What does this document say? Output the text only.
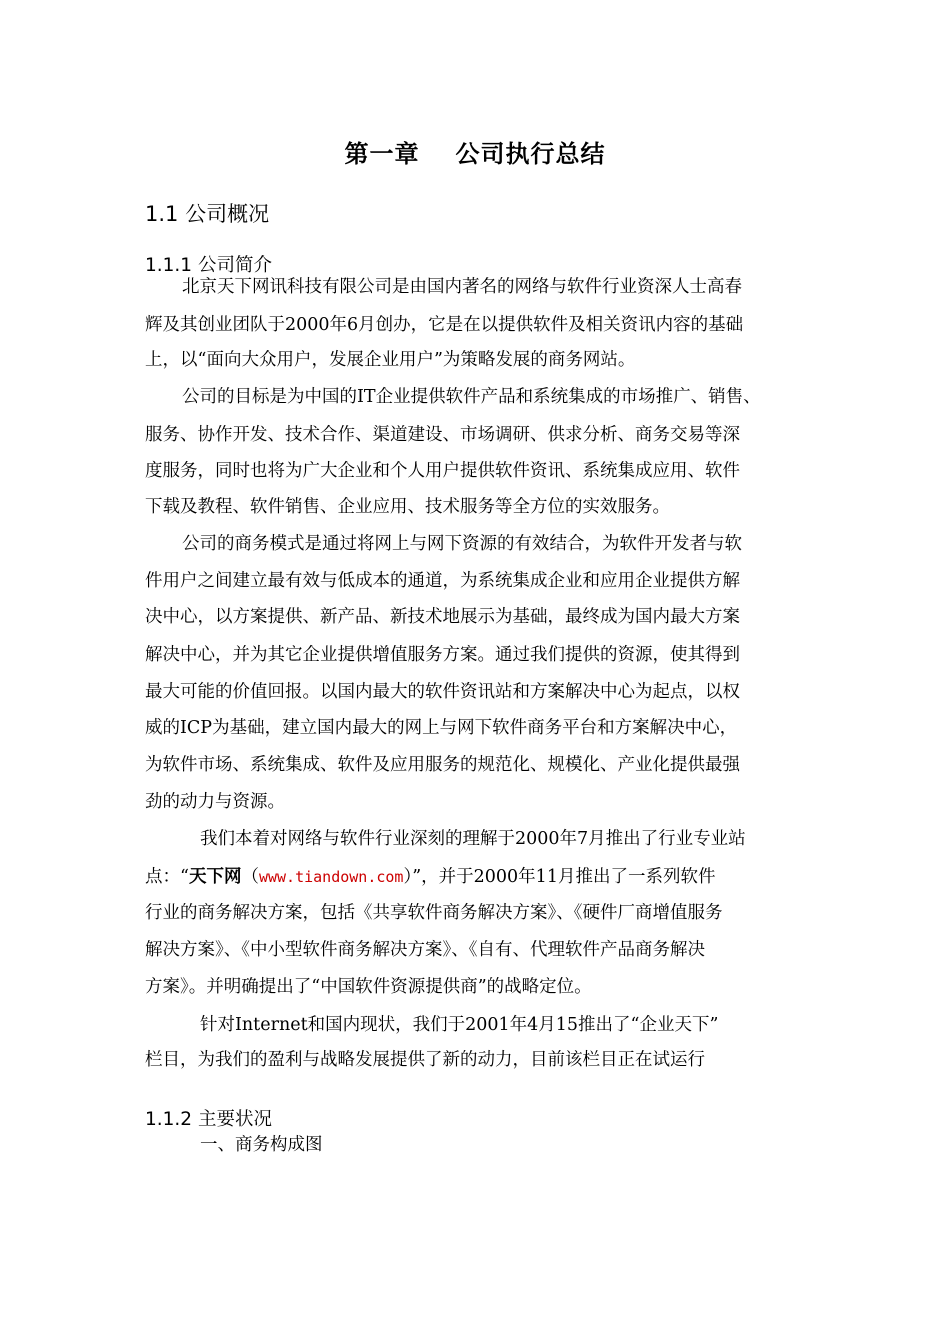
第一章 公司执行总结
1.1 公司概况
1.1.1 公司简介
北京天下网讯科技有限公司是由国内著名的网络与软件行业资深人士高春
辉及其创业团队于2000年6月创办，它是在以提供软件及相关资讯内容的基础
上，以“面向大众用户，发展企业用户”为策略发展的商务网站。
公司的目标是为中国的IT企业提供软件产品和系统集成的市场推广、销售、
服务、协作开发、技术合作、渠道建设、市场调研、供求分析、商务交易等深
度服务，同时也将为广大企业和个人用户提供软件资讯、系统集成应用、软件
下载及教程、软件销售、企业应用、技术服务等全方位的实效服务。
公司的商务模式是通过将网上与网下资源的有效结合，为软件开发者与软
件用户之间建立最有效与低成本的通道，为系统集成企业和应用企业提供方解
决中心，以方案提供、新产品、新技术地展示为基础，最终成为国内最大方案
解决中心，并为其它企业提供增值服务方案。通过我们提供的资源，使其得到
最大可能的价值回报。以国内最大的软件资讯站和方案解决中心为起点，以权
威的ICP为基础，建立国内最大的网上与网下软件商务平台和方案解决中心，
为软件市场、系统集成、软件及应用服务的规范化、规模化、产业化提供最强
劲的动力与资源。
我们本着对网络与软件行业深刻的理解于2000年7月推出了行业专业站
点：“天下网（www.tiandown.com）”，并于2000年11月推出了一系列软件
行业的商务解决方案，包括《共享软件商务解决方案》、《硬件厂商增值服务
解决方案》、《中小型软件商务解决方案》、《自有、代理软件产品商务解决
方案》。并明确提出了“中国软件资源提供商”的战略定位。
针对Internet和国内现状，我们于2001年4月15推出了“企业天下”
栏目，为我们的盈利与战略发展提供了新的动力，目前该栏目正在试运行
1.1.2 主要状况
一、商务构成图
